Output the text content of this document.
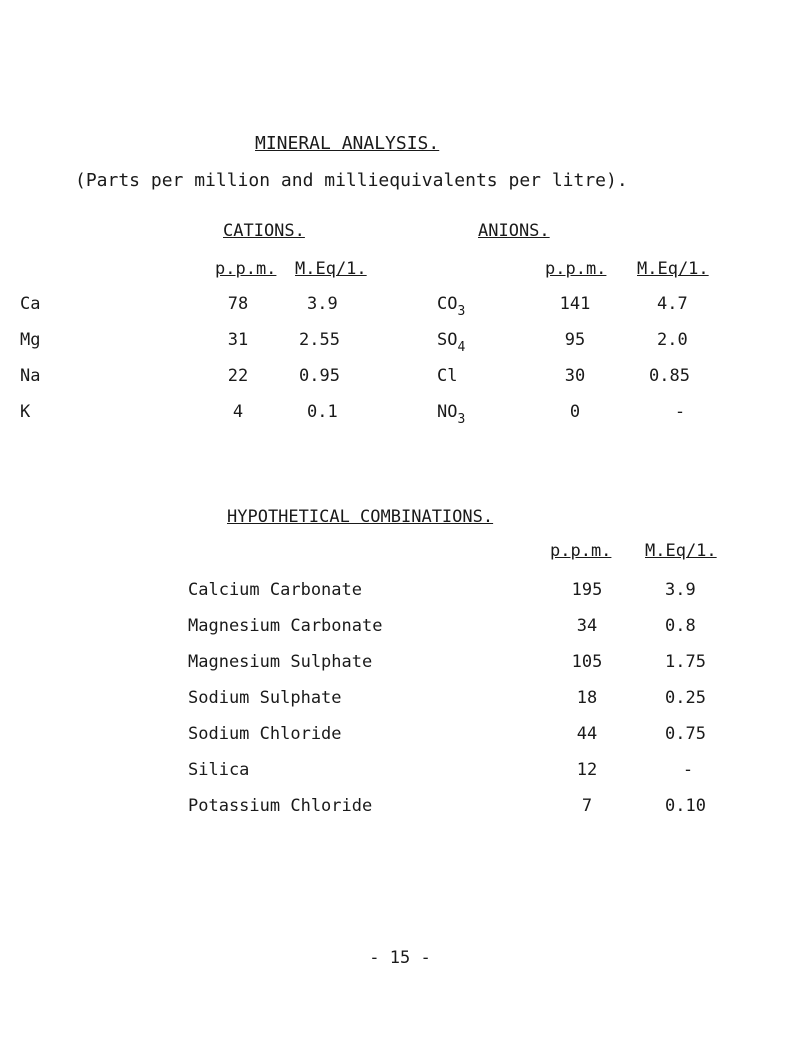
MINERAL ANALYSIS.
(Parts per million and milliequivalents per litre).
CATIONS.	ANIONS.
p.p.m. M.Eq/1.	p.p.m. M.Eq/1.
Ca	78	3.9	$CO_3$	141	4.7
Mg	31	2.55	$SO_4$	95	2.0
Na	22	0.95	Cl	30	0.85
K	4	0.1	$NO_3$	0	-
HYPOTHETICAL COMBINATIONS.
p.p.m. M.Eq/1.
Calcium Carbonate	195	3.9
Magnesium Carbonate	34	0.8
Magnesium Sulphate	105	1.75
Sodium Sulphate	18	0.25
Sodium Chloride	44	0.75
Silica	12	-
Potassium Chloride	7	0.10
- 15 -
